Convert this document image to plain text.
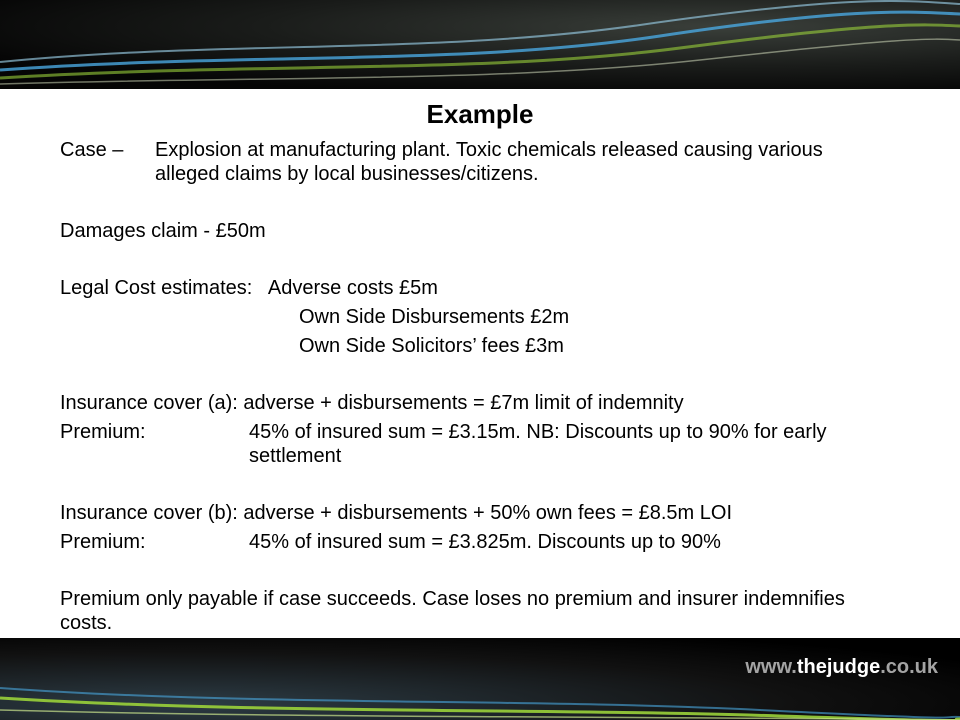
Example
Case –	Explosion at manufacturing plant. Toxic chemicals released causing various alleged claims by local businesses/citizens.
Damages claim - £50m
Legal Cost estimates: Adverse costs £5m
Own Side Disbursements £2m
Own Side Solicitors’ fees £3m
Insurance cover (a): adverse + disbursements = £7m limit of indemnity
Premium:	45% of insured sum = £3.15m. NB: Discounts up to 90% for early settlement
Insurance cover (b): adverse + disbursements + 50% own fees = £8.5m LOI
Premium:	45% of insured sum = £3.825m. Discounts up to 90%
Premium only payable if case succeeds. Case loses no premium and insurer indemnifies costs.
www.thejudge.co.uk
